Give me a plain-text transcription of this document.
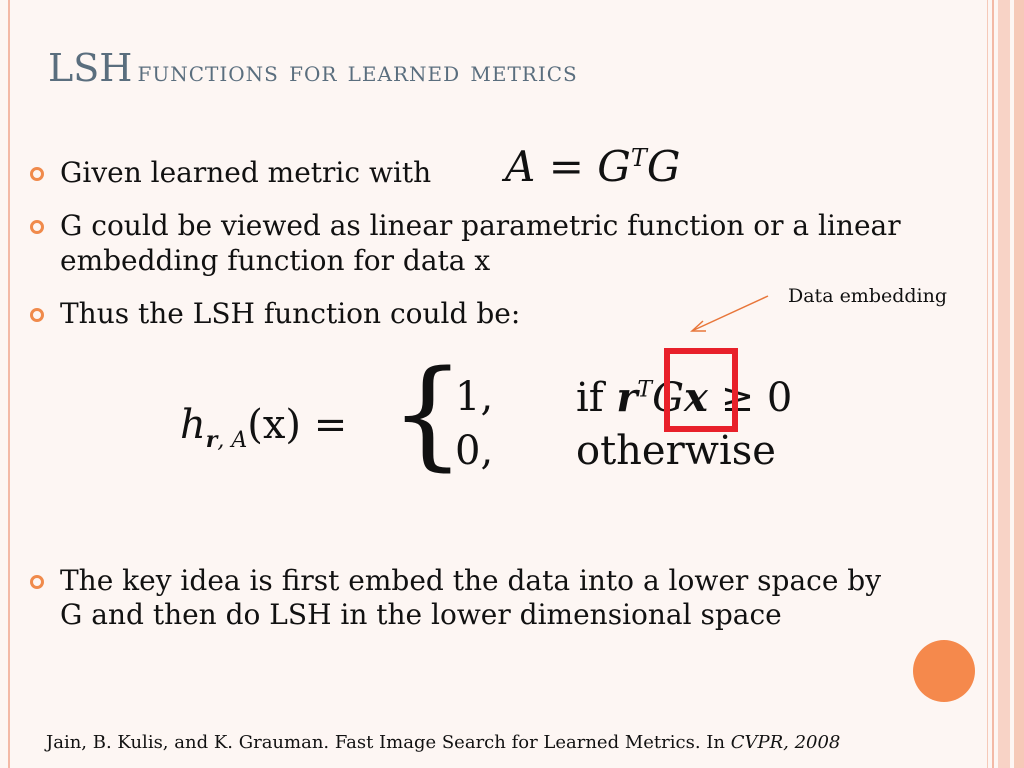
LSH functions for learned metrics
Given learned metric with $A = G^TG$
G could be viewed as linear parametric function or a linear
embedding function for data x
Thus the LSH function could be:
Data embedding
$h_{r, A}(x)$ = {
1, if $r^TGx \ge 0$
0, otherwise
The key idea is first embed the data into a lower space by
G and then do LSH in the lower dimensional space
Jain, B. Kulis, and K. Grauman. Fast Image Search for Learned Metrics. In CVPR, 2008
